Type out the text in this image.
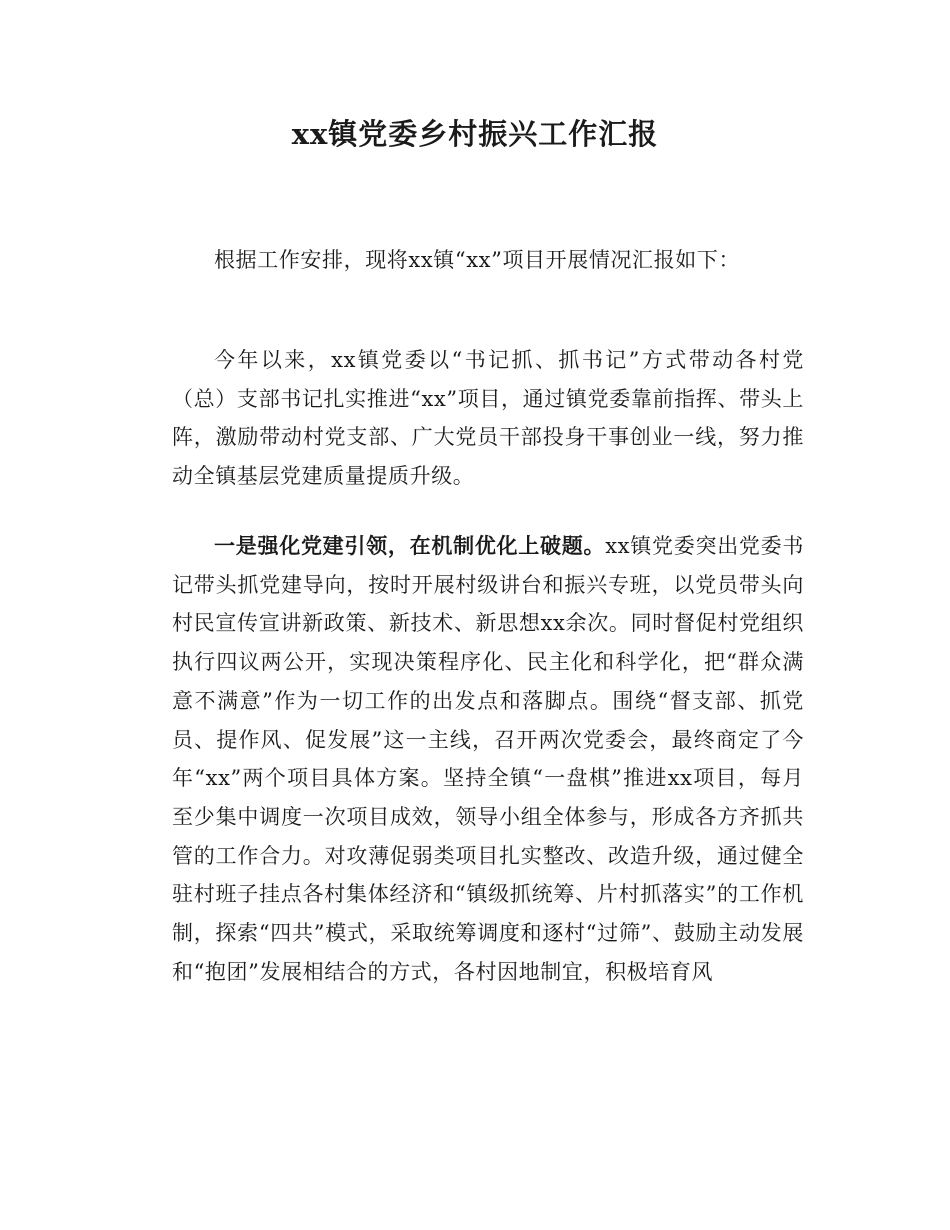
xx镇党委乡村振兴工作汇报

根据工作安排，现将xx镇“xx”项目开展情况汇报如下：

今年以来，xx镇党委以“书记抓、抓书记”方式带动各村党（总）支部书记扎实推进“xx”项目，通过镇党委靠前指挥、带头上阵，激励带动村党支部、广大党员干部投身干事创业一线，努力推动全镇基层党建质量提质升级。

一是强化党建引领，在机制优化上破题。xx镇党委突出党委书记带头抓党建导向，按时开展村级讲台和振兴专班，以党员带头向村民宣传宣讲新政策、新技术、新思想xx余次。同时督促村党组织执行四议两公开，实现决策程序化、民主化和科学化，把“群众满意不满意”作为一切工作的出发点和落脚点。围绕“督支部、抓党员、提作风、促发展”这一主线，召开两次党委会，最终商定了今年“xx”两个项目具体方案。坚持全镇“一盘棋”推进xx项目，每月至少集中调度一次项目成效，领导小组全体参与，形成各方齐抓共管的工作合力。对攻薄促弱类项目扎实整改、改造升级，通过健全驻村班子挂点各村集体经济和“镇级抓统筹、片村抓落实”的工作机制，探索“四共”模式，采取统筹调度和逐村“过筛”、鼓励主动发展和“抱团”发展相结合的方式，各村因地制宜，积极培育风
